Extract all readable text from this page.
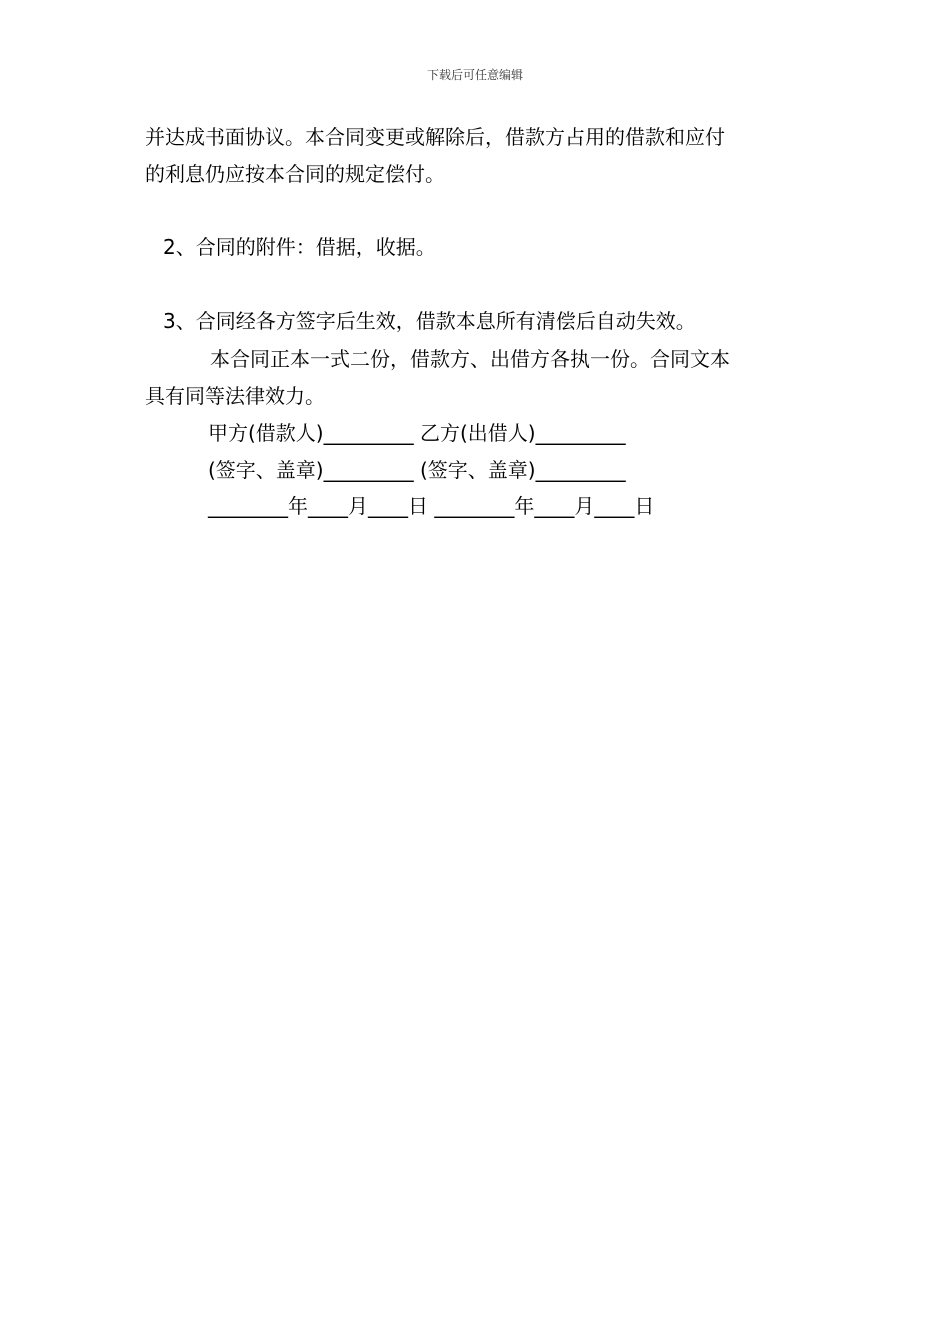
下载后可任意编辑
并达成书面协议。本合同变更或解除后，借款方占用的借款和应付
的利息仍应按本合同的规定偿付。
2、合同的附件：借据，收据。
3、合同经各方签字后生效，借款本息所有清偿后自动失效。
本合同正本一式二份，借款方、出借方各执一份。合同文本
具有同等法律效力。
甲方(借款人)_________ 乙方(出借人)_________
(签字、盖章)_________ (签字、盖章)_________
________年____月____日 ________年____月____日
